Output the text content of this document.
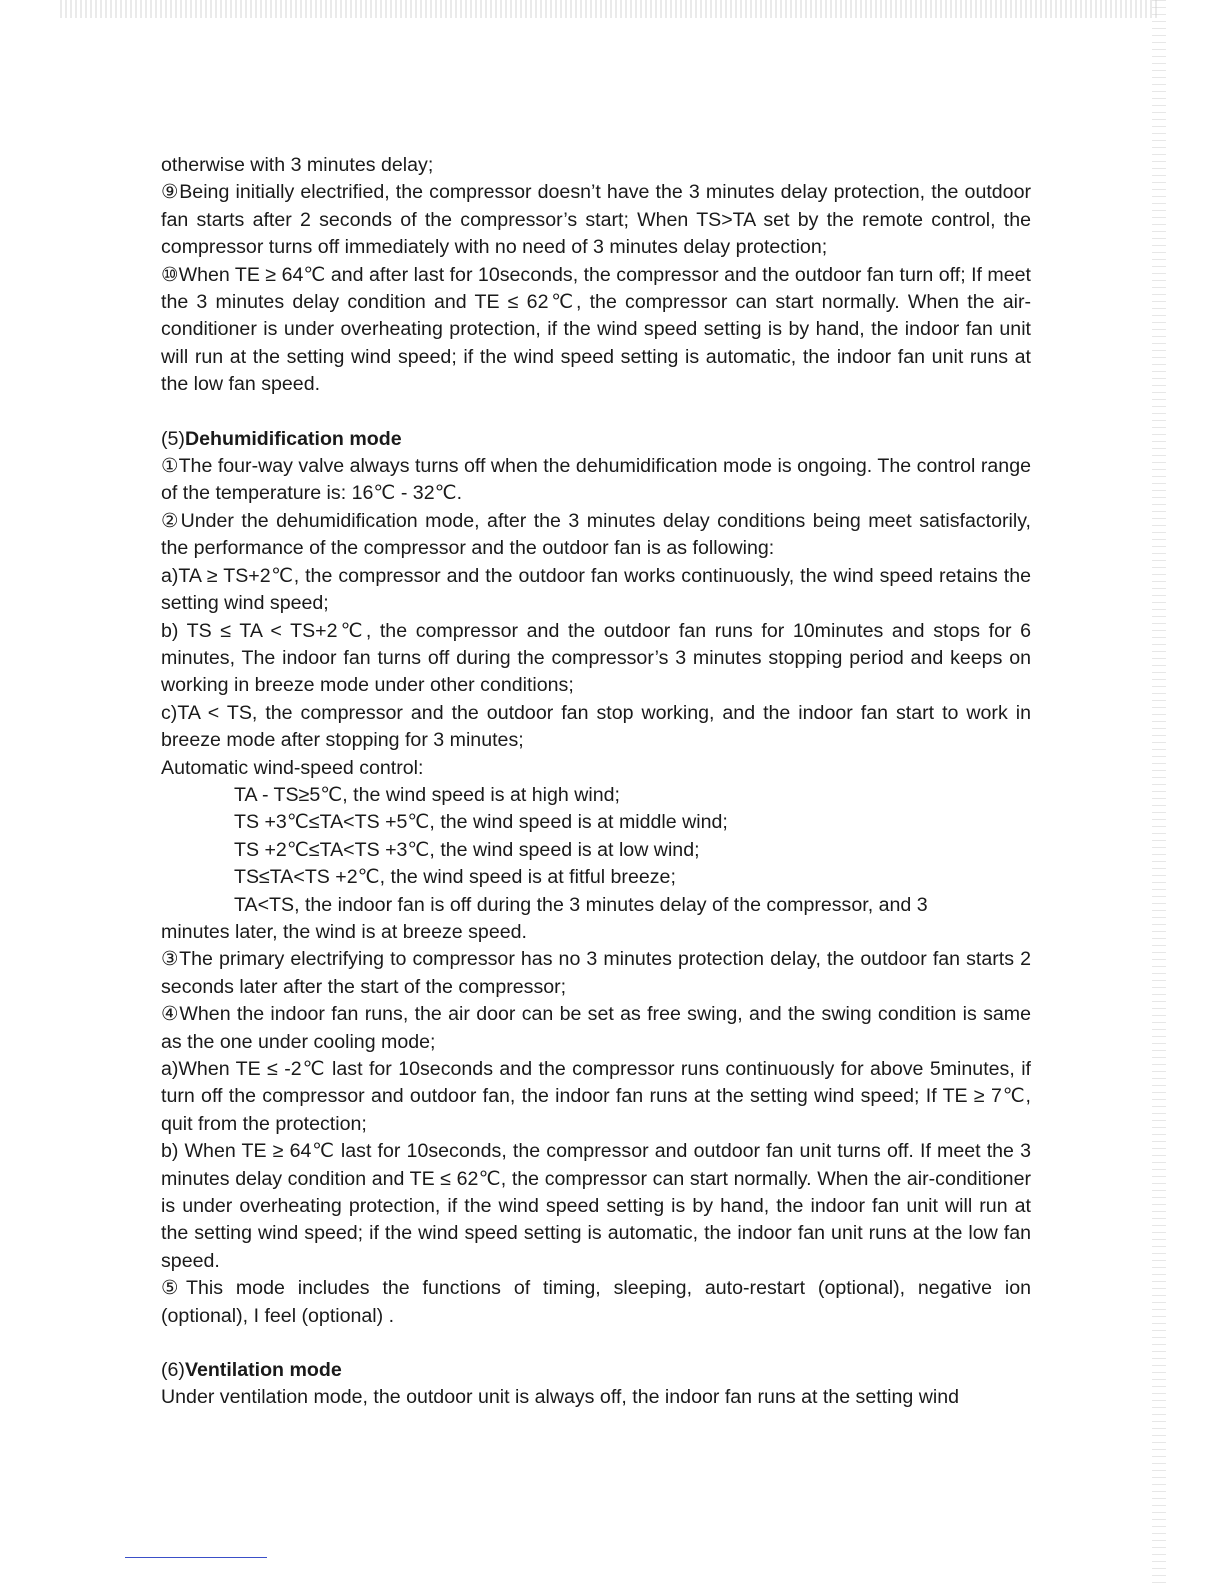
otherwise with 3 minutes delay;

⑨Being initially electrified, the compressor doesn’t have the 3 minutes delay protection, the outdoor fan starts after 2 seconds of the compressor’s start; When TS>TA set by the remote control, the compressor turns off immediately with no need of 3 minutes delay protection;

⑩When TE ≥ 64℃ and after last for 10seconds, the compressor and the outdoor fan turn off; If meet the 3 minutes delay condition and TE ≤ 62℃, the compressor can start normally. When the air-conditioner is under overheating protection, if the wind speed setting is by hand, the indoor fan unit will run at the setting wind speed; if the wind speed setting is automatic, the indoor fan unit runs at the low fan speed.

(5)Dehumidification mode

①The four-way valve always turns off when the dehumidification mode is ongoing. The control range of the temperature is: 16℃ - 32℃.

②Under the dehumidification mode, after the 3 minutes delay conditions being meet satisfactorily, the performance of the compressor and the outdoor fan is as following:

a)TA ≥ TS+2℃, the compressor and the outdoor fan works continuously, the wind speed retains the setting wind speed;

b) TS ≤ TA < TS+2℃, the compressor and the outdoor fan runs for 10minutes and stops for 6 minutes, The indoor fan turns off during the compressor’s 3 minutes stopping period and keeps on working in breeze mode under other conditions;

c)TA < TS, the compressor and the outdoor fan stop working, and the indoor fan start to work in breeze mode after stopping for 3 minutes;

Automatic wind-speed control:

TA - TS≥5℃, the wind speed is at high wind;

TS +3℃≤TA<TS +5℃, the wind speed is at middle wind;

TS +2℃≤TA<TS +3℃, the wind speed is at low wind;

TS≤TA<TS +2℃, the wind speed is at fitful breeze;

TA<TS, the indoor fan is off during the 3 minutes delay of the compressor, and 3

minutes later, the wind is at breeze speed.

③The primary electrifying to compressor has no 3 minutes protection delay, the outdoor fan starts 2 seconds later after the start of the compressor;

④When the indoor fan runs, the air door can be set as free swing, and the swing condition is same as the one under cooling mode;

a)When TE ≤ -2℃ last for 10seconds and the compressor runs continuously for above 5minutes, if turn off the compressor and outdoor fan, the indoor fan runs at the setting wind speed; If TE ≥ 7℃, quit from the protection;

b) When TE ≥ 64℃ last for 10seconds, the compressor and outdoor fan unit turns off. If meet the 3 minutes delay condition and TE ≤ 62℃, the compressor can start normally. When the air-conditioner is under overheating protection, if the wind speed setting is by hand, the indoor fan unit will run at the setting wind speed; if the wind speed setting is automatic, the indoor fan unit runs at the low fan speed.

⑤This mode includes the functions of timing, sleeping, auto-restart (optional), negative ion (optional), I feel (optional) .

(6)Ventilation mode

Under ventilation mode, the outdoor unit is always off, the indoor fan runs at the setting wind
